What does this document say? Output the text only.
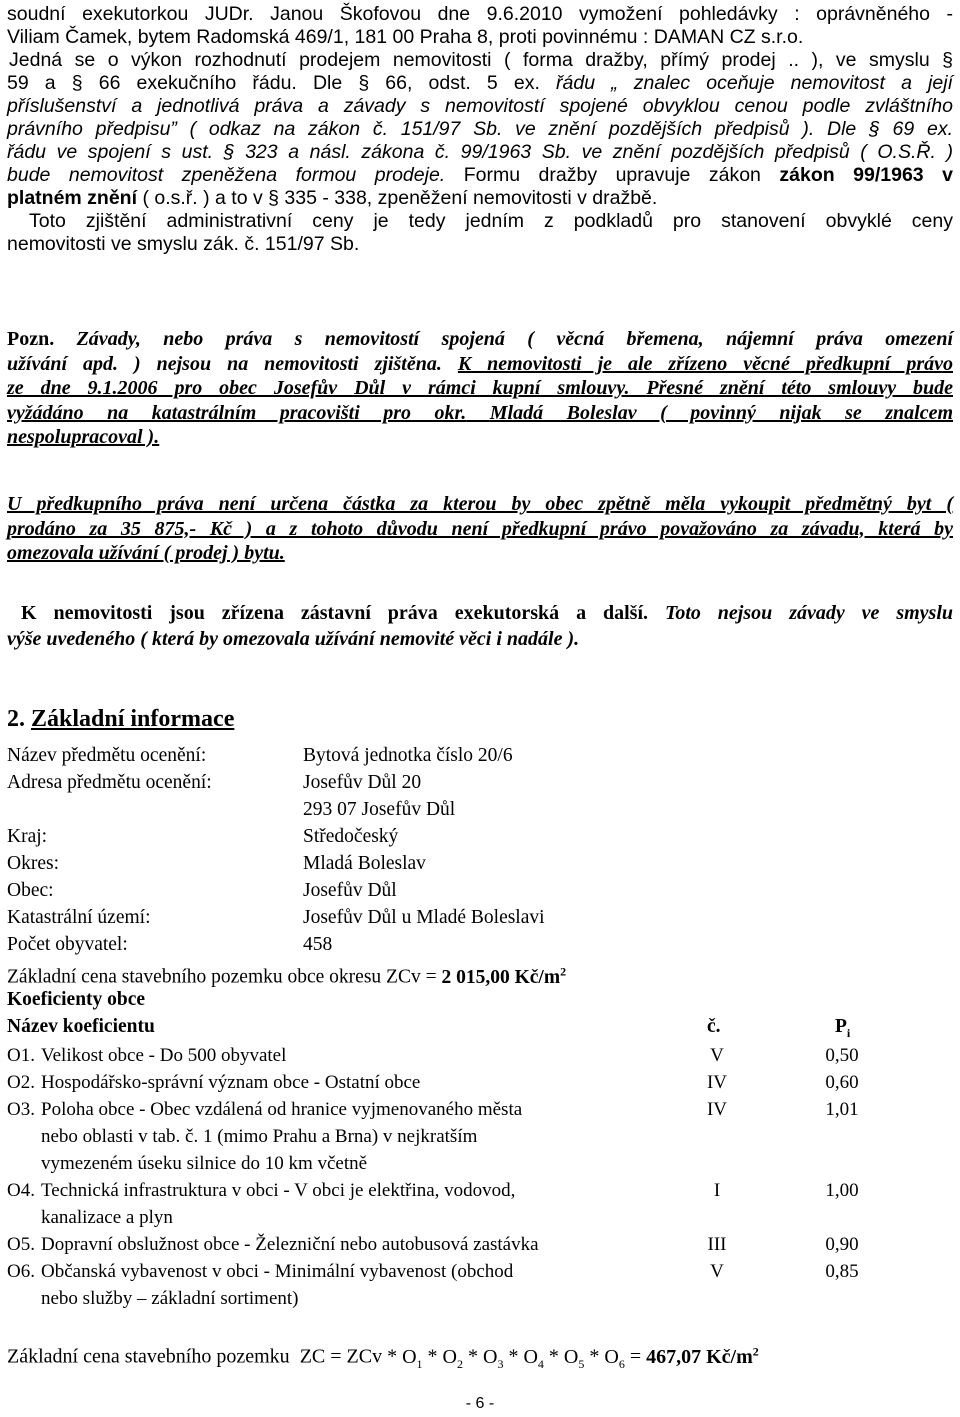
soudní exekutorkou JUDr. Janou Škofovou dne 9.6.2010 vymožení pohledávky : oprávněného -
Viliam Čamek, bytem Radomská 469/1, 181 00 Praha 8, proti povinnému : DAMAN CZ s.r.o.
Jedná se o výkon rozhodnutí prodejem nemovitosti ( forma dražby, přímý prodej .. ), ve smyslu §
59 a § 66 exekučního řádu. Dle § 66, odst. 5 ex. řádu „ znalec oceňuje nemovitost a její
příslušenství a jednotlivá práva a závady s nemovitostí spojené obvyklou cenou podle zvláštního
právního předpisu” ( odkaz na zákon č. 151/97 Sb. ve znění pozdějších předpisů ). Dle § 69 ex.
řádu ve spojení s ust. § 323 a násl. zákona č. 99/1963 Sb. ve znění pozdějších předpisů ( O.S.Ř. )
bude nemovitost zpeněžena formou prodeje. Formu dražby upravuje zákon zákon 99/1963 v
platném znění ( o.s.ř. ) a to v § 335 - 338, zpeněžení nemovitosti v dražbě.
Toto zjištění administrativní ceny je tedy jedním z podkladů pro stanovení obvyklé ceny
nemovitosti ve smyslu zák. č. 151/97 Sb.
Pozn. Závady, nebo práva s nemovitostí spojená ( věcná břemena, nájemní práva omezení
užívání apd. ) nejsou na nemovitosti zjištěna. K nemovitosti je ale zřízeno věcné předkupní právo
ze dne 9.1.2006 pro obec Josefův Důl v rámci kupní smlouvy. Přesné znění této smlouvy bude
vyžádáno na katastrálním pracovišti pro okr. Mladá Boleslav ( povinný nijak se znalcem
nespolupracoval ).
U předkupního práva není určena částka za kterou by obec zpětně měla vykoupit předmětný byt (
prodáno za 35 875,- Kč ) a z tohoto důvodu není předkupní právo považováno za závadu, která by
omezovala užívání ( prodej ) bytu.
K nemovitosti jsou zřízena zástavní práva exekutorská a další. Toto nejsou závady ve smyslu
výše uvedeného ( která by omezovala užívání nemovité věci i nadále ).
2. Základní informace
Název předmětu ocenění:	Bytová jednotka číslo 20/6
Adresa předmětu ocenění:	Josefův Důl 20
293 07 Josefův Důl
Kraj:	Středočeský
Okres:	Mladá Boleslav
Obec:	Josefův Důl
Katastrální území:	Josefův Důl u Mladé Boleslavi
Počet obyvatel:	458
Základní cena stavebního pozemku obce okresu ZCv = 2 015,00 $Kč/m^2$
Koeficienty obce
Název koeficientu	č.	$P_i$
O1. Velikost obce - Do 500 obyvatel	V	0,50
O2. Hospodářsko-správní význam obce - Ostatní obce	IV	0,60
O3. Poloha obce - Obec vzdálená od hranice vyjmenovaného města
nebo oblasti v tab. č. 1 (mimo Prahu a Brna) v nejkratším
vymezeném úseku silnice do 10 km včetně
IV	1,01
O4. Technická infrastruktura v obci - V obci je elektřina, vodovod,
kanalizace a plyn
I	1,00
O5. Dopravní obslužnost obce - Železniční nebo autobusová zastávka	III	0,90
O6. Občanská vybavenost v obci - Minimální vybavenost (obchod
nebo služby – základní sortiment)
V	0,85
Základní cena stavebního pozemku ZC = ZCv * $O_1 * O_2 * O_3 * O_4 * O_5 * O_6 = 467,07$ $Kč/m^2$
- 6 -
